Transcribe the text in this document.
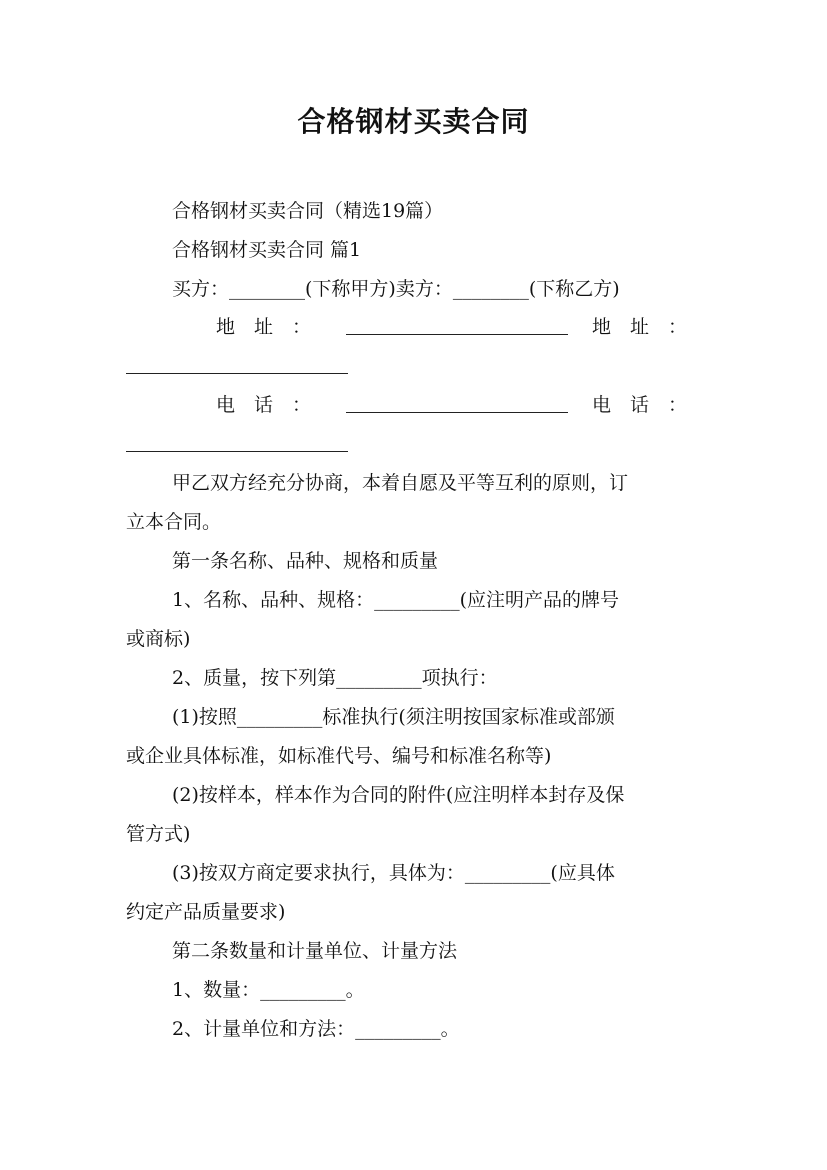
合格钢材买卖合同

合格钢材买卖合同（精选19篇）

合格钢材买卖合同 篇1

买方：________(下称甲方)卖方：________(下称乙方)

地　址　：	地　址　：
电　话　：	电　话　：

甲乙双方经充分协商，本着自愿及平等互利的原则，订

立本合同。

第一条名称、品种、规格和质量

1、名称、品种、规格：_________(应注明产品的牌号

或商标)

2、质量，按下列第_________项执行：

(1)按照_________标准执行(须注明按国家标准或部颁

或企业具体标准，如标准代号、编号和标准名称等)

(2)按样本，样本作为合同的附件(应注明样本封存及保

管方式)

(3)按双方商定要求执行，具体为：_________(应具体

约定产品质量要求)

第二条数量和计量单位、计量方法

1、数量：_________。

2、计量单位和方法：_________。
